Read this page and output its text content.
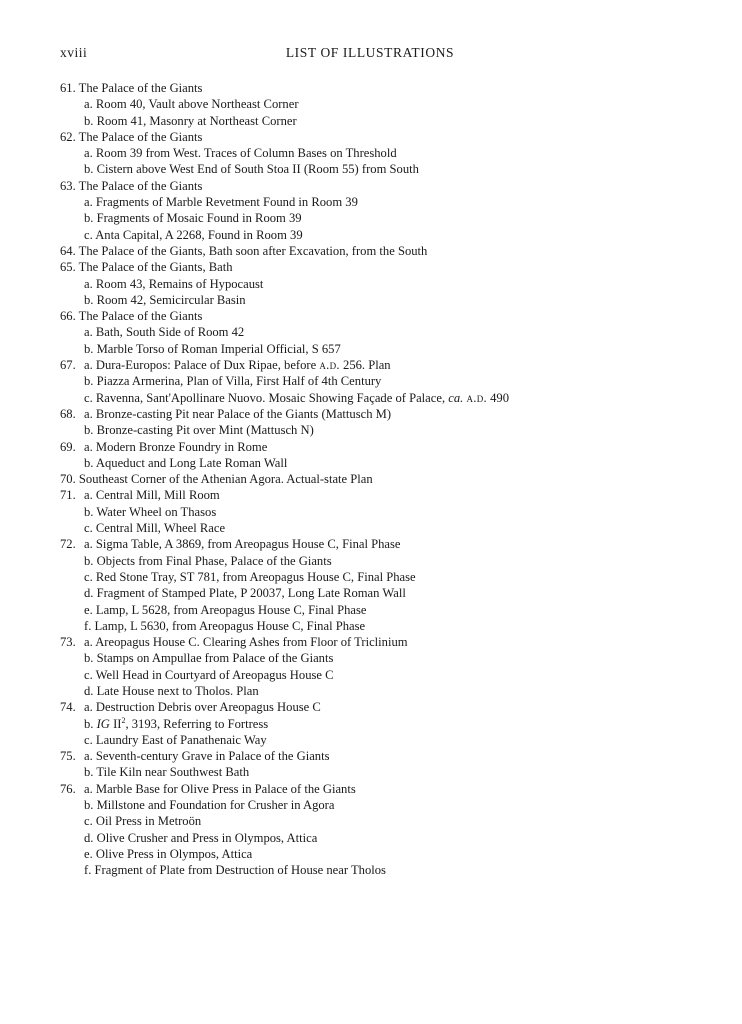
xviii	LIST OF ILLUSTRATIONS
61. The Palace of the Giants
a. Room 40, Vault above Northeast Corner
b. Room 41, Masonry at Northeast Corner
62. The Palace of the Giants
a. Room 39 from West. Traces of Column Bases on Threshold
b. Cistern above West End of South Stoa II (Room 55) from South
63. The Palace of the Giants
a. Fragments of Marble Revetment Found in Room 39
b. Fragments of Mosaic Found in Room 39
c. Anta Capital, A 2268, Found in Room 39
64. The Palace of the Giants, Bath soon after Excavation, from the South
65. The Palace of the Giants, Bath
a. Room 43, Remains of Hypocaust
b. Room 42, Semicircular Basin
66. The Palace of the Giants
a. Bath, South Side of Room 42
b. Marble Torso of Roman Imperial Official, S 657
67. a. Dura-Europos: Palace of Dux Ripae, before a.d. 256. Plan
b. Piazza Armerina, Plan of Villa, First Half of 4th Century
c. Ravenna, Sant'Apollinare Nuovo. Mosaic Showing Façade of Palace, ca. a.d. 490
68. a. Bronze-casting Pit near Palace of the Giants (Mattusch M)
b. Bronze-casting Pit over Mint (Mattusch N)
69. a. Modern Bronze Foundry in Rome
b. Aqueduct and Long Late Roman Wall
70. Southeast Corner of the Athenian Agora. Actual-state Plan
71. a. Central Mill, Mill Room
b. Water Wheel on Thasos
c. Central Mill, Wheel Race
72. a. Sigma Table, A 3869, from Areopagus House C, Final Phase
b. Objects from Final Phase, Palace of the Giants
c. Red Stone Tray, ST 781, from Areopagus House C, Final Phase
d. Fragment of Stamped Plate, P 20037, Long Late Roman Wall
e. Lamp, L 5628, from Areopagus House C, Final Phase
f. Lamp, L 5630, from Areopagus House C, Final Phase
73. a. Areopagus House C. Clearing Ashes from Floor of Triclinium
b. Stamps on Ampullae from Palace of the Giants
c. Well Head in Courtyard of Areopagus House C
d. Late House next to Tholos. Plan
74. a. Destruction Debris over Areopagus House C
b. IG $II^2$, 3193, Referring to Fortress
c. Laundry East of Panathenaic Way
75. a. Seventh-century Grave in Palace of the Giants
b. Tile Kiln near Southwest Bath
76. a. Marble Base for Olive Press in Palace of the Giants
b. Millstone and Foundation for Crusher in Agora
c. Oil Press in Metroön
d. Olive Crusher and Press in Olympos, Attica
e. Olive Press in Olympos, Attica
f. Fragment of Plate from Destruction of House near Tholos
